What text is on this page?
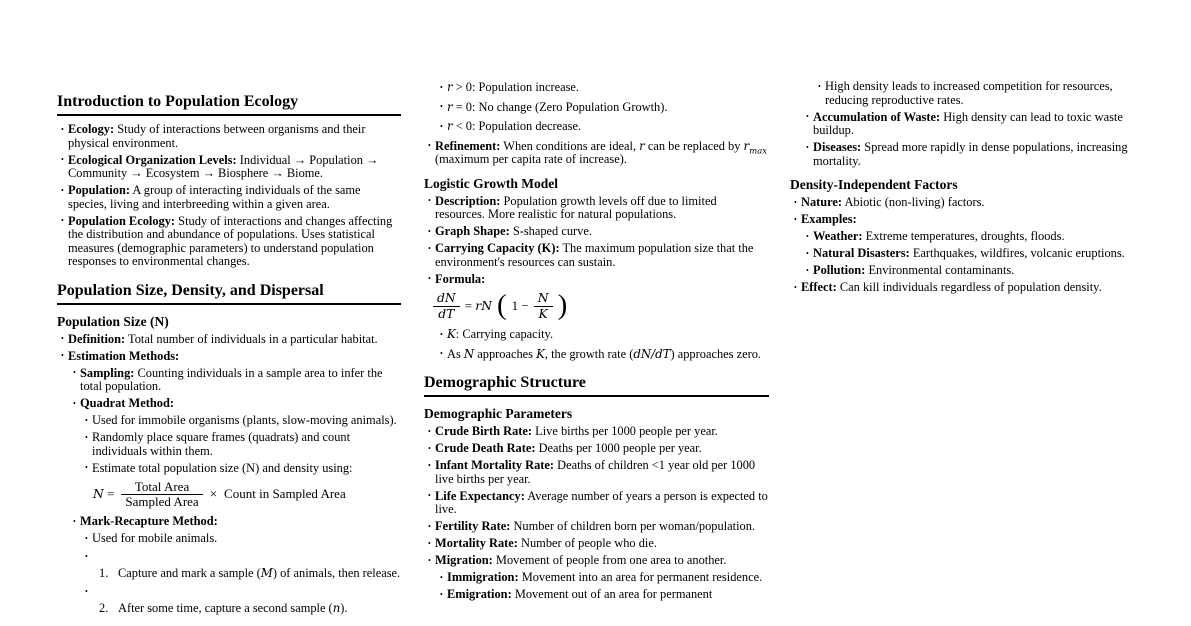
Introduction to Population Ecology
• Ecology: Study of interactions between organisms and their physical environment.
• Ecological Organization Levels: Individual → Population → Community → Ecosystem → Biosphere → Biome.
• Population: A group of interacting individuals of the same species, living and interbreeding within a given area.
• Population Ecology: Study of interactions and changes affecting the distribution and abundance of populations. Uses statistical measures (demographic parameters) to understand population responses to environmental changes.
Population Size, Density, and Dispersal
Population Size (N)
• Definition: Total number of individuals in a particular habitat.
• Estimation Methods:
• Sampling: Counting individuals in a sample area to infer the total population.
• Quadrat Method:
• Used for immobile organisms (plants, slow-moving animals).
• Randomly place square frames (quadrats) and count individuals within them.
• Estimate total population size (N) and density using:
$N = \frac{\text{Total Area}}{\text{Sampled Area}}$ × Count in Sampled Area
• Mark-Recapture Method:
• Used for mobile animals.
•
1. Capture and mark a sample (M) of animals, then release.
•
2. After some time, capture a second sample (n).
• r > 0: Population increase.
• r = 0: No change (Zero Population Growth).
• r < 0: Population decrease.
• Refinement: When conditions are ideal, r can be replaced by $r_{max}$ (maximum per capita rate of increase).
Logistic Growth Model
• Description: Population growth levels off due to limited resources. More realistic for natural populations.
• Graph Shape: S-shaped curve.
• Carrying Capacity (K): The maximum population size that the environment's resources can sustain.
• Formula:
$\frac{dN}{dT}$ = rN ( $1 - \frac{N}{K}$ )
• K: Carrying capacity.
• As N approaches K, the growth rate (dN/dT) approaches zero.
Demographic Structure
Demographic Parameters
• Crude Birth Rate: Live births per 1000 people per year.
• Crude Death Rate: Deaths per 1000 people per year.
• Infant Mortality Rate: Deaths of children <1 year old per 1000 live births per year.
• Life Expectancy: Average number of years a person is expected to live.
• Fertility Rate: Number of children born per woman/population.
• Mortality Rate: Number of people who die.
• Migration: Movement of people from one area to another.
• Immigration: Movement into an area for permanent residence.
• Emigration: Movement out of an area for permanent
• High density leads to increased competition for resources, reducing reproductive rates.
• Accumulation of Waste: High density can lead to toxic waste buildup.
• Diseases: Spread more rapidly in dense populations, increasing mortality.
Density-Independent Factors
• Nature: Abiotic (non-living) factors.
• Examples:
• Weather: Extreme temperatures, droughts, floods.
• Natural Disasters: Earthquakes, wildfires, volcanic eruptions.
• Pollution: Environmental contaminants.
• Effect: Can kill individuals regardless of population density.
